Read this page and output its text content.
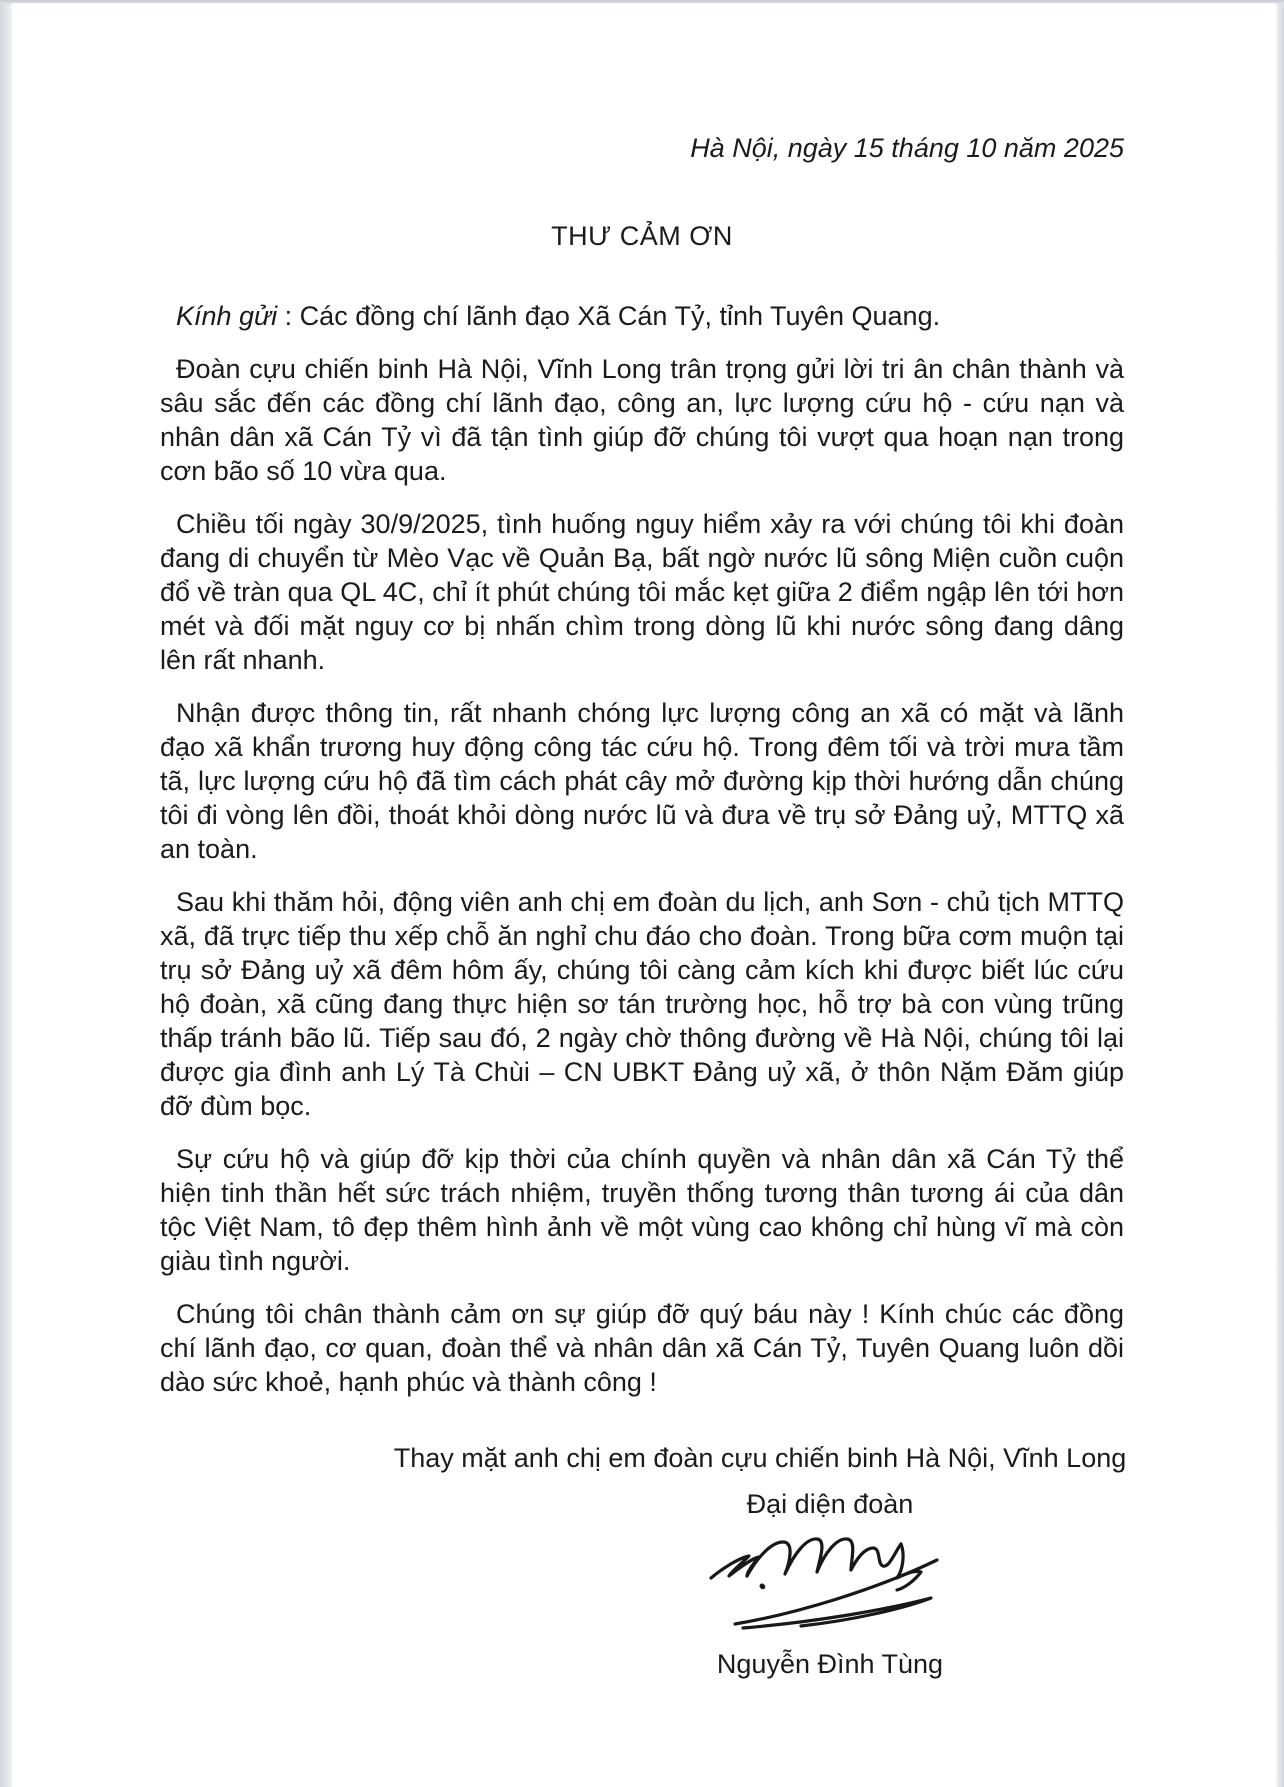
Hà Nội, ngày 15 tháng 10 năm 2025
THƯ CẢM ƠN

Kính gửi : Các đồng chí lãnh đạo Xã Cán Tỷ, tỉnh Tuyên Quang.

Đoàn cựu chiến binh Hà Nội, Vĩnh Long trân trọng gửi lời tri ân chân thành và sâu sắc đến các đồng chí lãnh đạo, công an, lực lượng cứu hộ - cứu nạn và nhân dân xã Cán Tỷ vì đã tận tình giúp đỡ chúng tôi vượt qua hoạn nạn trong cơn bão số 10 vừa qua.

Chiều tối ngày 30/9/2025, tình huống nguy hiểm xảy ra với chúng tôi khi đoàn đang di chuyển từ Mèo Vạc về Quản Bạ, bất ngờ nước lũ sông Miện cuồn cuộn đổ về tràn qua QL 4C, chỉ ít phút chúng tôi mắc kẹt giữa 2 điểm ngập lên tới hơn mét và đối mặt nguy cơ bị nhấn chìm trong dòng lũ khi nước sông đang dâng lên rất nhanh.

Nhận được thông tin, rất nhanh chóng lực lượng công an xã có mặt và lãnh đạo xã khẩn trương huy động công tác cứu hộ. Trong đêm tối và trời mưa tầm tã, lực lượng cứu hộ đã tìm cách phát cây mở đường kịp thời hướng dẫn chúng tôi đi vòng lên đồi, thoát khỏi dòng nước lũ và đưa về trụ sở Đảng uỷ, MTTQ xã an toàn.

Sau khi thăm hỏi, động viên anh chị em đoàn du lịch, anh Sơn - chủ tịch MTTQ xã, đã trực tiếp thu xếp chỗ ăn nghỉ chu đáo cho đoàn. Trong bữa cơm muộn tại trụ sở Đảng uỷ xã đêm hôm ấy, chúng tôi càng cảm kích khi được biết lúc cứu hộ đoàn, xã cũng đang thực hiện sơ tán trường học, hỗ trợ bà con vùng trũng thấp tránh bão lũ. Tiếp sau đó, 2 ngày chờ thông đường về Hà Nội, chúng tôi lại được gia đình anh Lý Tà Chùi – CN UBKT Đảng uỷ xã, ở thôn Nặm Đăm giúp đỡ đùm bọc.

Sự cứu hộ và giúp đỡ kịp thời của chính quyền và nhân dân xã Cán Tỷ thể hiện tinh thần hết sức trách nhiệm, truyền thống tương thân tương ái của dân tộc Việt Nam, tô đẹp thêm hình ảnh về một vùng cao không chỉ hùng vĩ mà còn giàu tình người.

Chúng tôi chân thành cảm ơn sự giúp đỡ quý báu này ! Kính chúc các đồng chí lãnh đạo, cơ quan, đoàn thể và nhân dân xã Cán Tỷ, Tuyên Quang luôn dồi dào sức khoẻ, hạnh phúc và thành công !

Thay mặt anh chị em đoàn cựu chiến binh Hà Nội, Vĩnh Long
Đại diện đoàn
Nguyễn Đình Tùng
